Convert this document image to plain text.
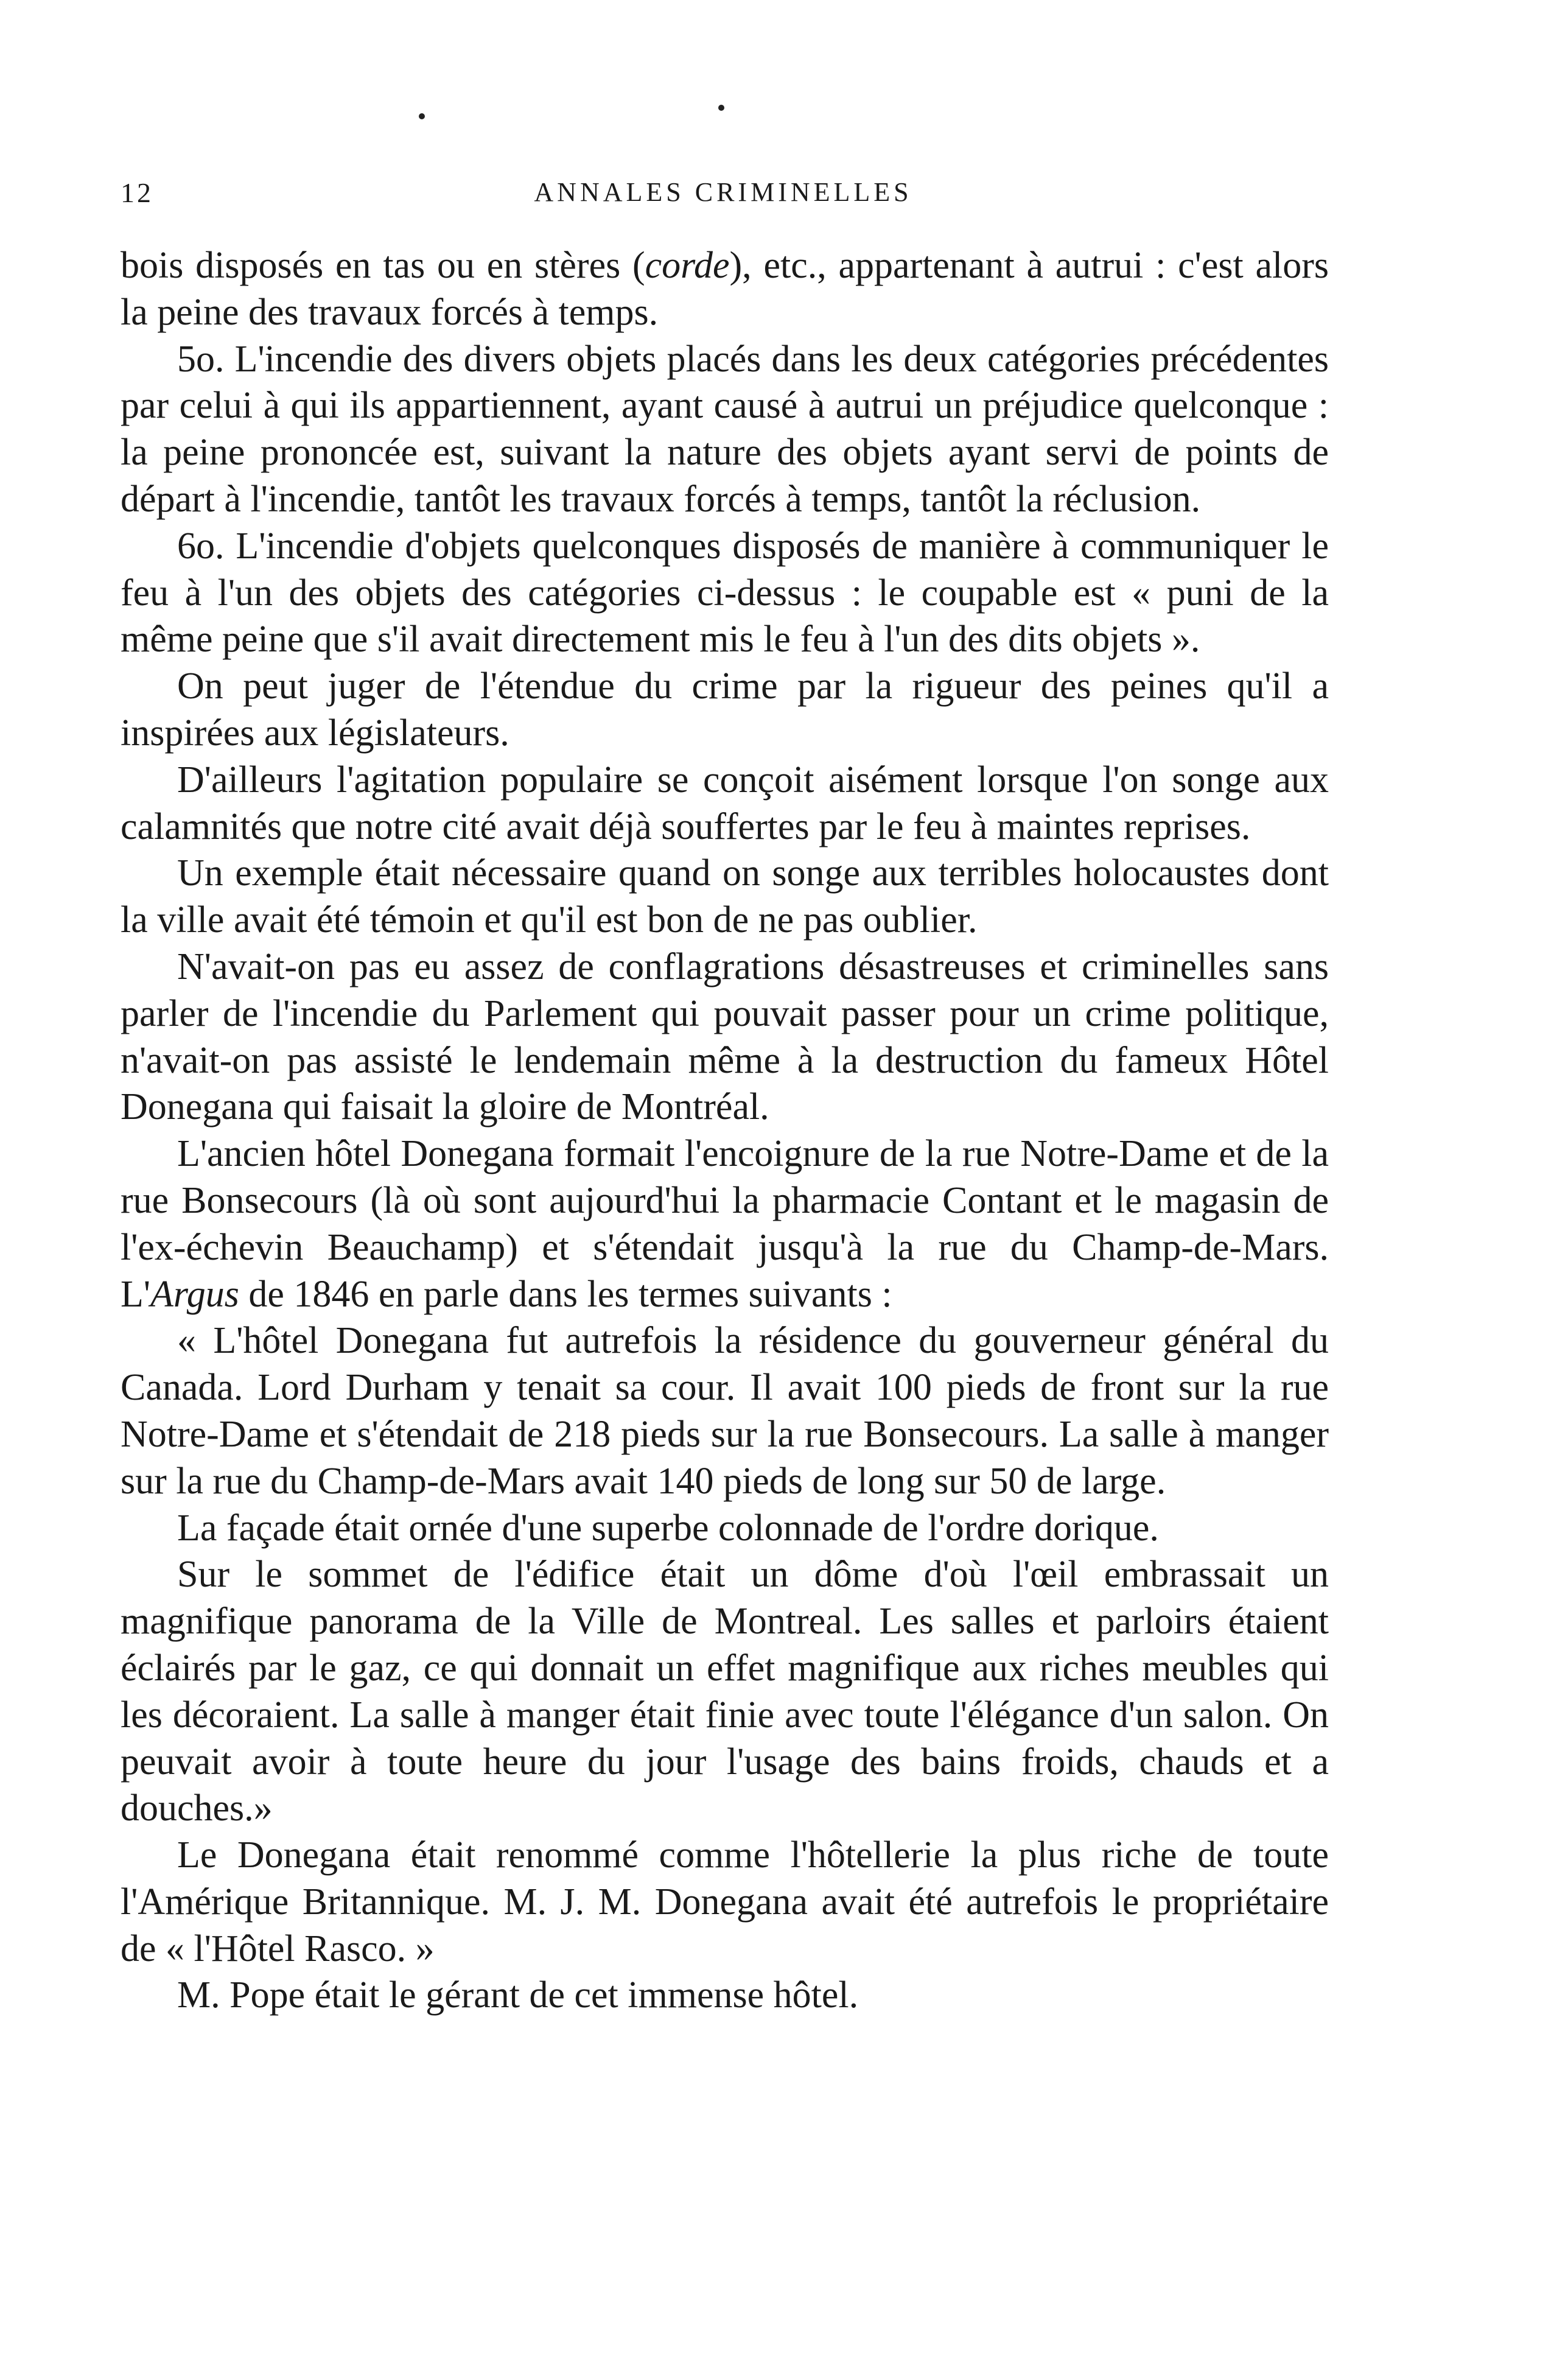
12	ANNALES CRIMINELLES

bois disposés en tas ou en stères (corde), etc., appartenant à autrui : c'est alors la peine des travaux forcés à temps.

5o. L'incendie des divers objets placés dans les deux catégories précédentes par celui à qui ils appartiennent, ayant causé à autrui un préjudice quelconque : la peine prononcée est, suivant la nature des objets ayant servi de points de départ à l'incendie, tantôt les travaux forcés à temps, tantôt la réclusion.

6o. L'incendie d'objets quelconques disposés de manière à communiquer le feu à l'un des objets des catégories ci-dessus : le coupable est « puni de la même peine que s'il avait directement mis le feu à l'un des dits objets ».

On peut juger de l'étendue du crime par la rigueur des peines qu'il a inspirées aux législateurs.

D'ailleurs l'agitation populaire se conçoit aisément lorsque l'on songe aux calamnités que notre cité avait déjà souffertes par le feu à maintes reprises.

Un exemple était nécessaire quand on songe aux terribles holocaustes dont la ville avait été témoin et qu'il est bon de ne pas oublier.

N'avait-on pas eu assez de conflagrations désastreuses et criminelles sans parler de l'incendie du Parlement qui pouvait passer pour un crime politique, n'avait-on pas assisté le lendemain même à la destruction du fameux Hôtel Donegana qui faisait la gloire de Montréal.

L'ancien hôtel Donegana formait l'encoignure de la rue Notre-Dame et de la rue Bonsecours (là où sont aujourd'hui la pharmacie Contant et le magasin de l'ex-échevin Beauchamp) et s'étendait jusqu'à la rue du Champ-de-Mars. L'Argus de 1846 en parle dans les termes suivants :

« L'hôtel Donegana fut autrefois la résidence du gouverneur général du Canada. Lord Durham y tenait sa cour. Il avait 100 pieds de front sur la rue Notre-Dame et s'étendait de 218 pieds sur la rue Bonsecours. La salle à manger sur la rue du Champ-de-Mars avait 140 pieds de long sur 50 de large.

La façade était ornée d'une superbe colonnade de l'ordre dorique.

Sur le sommet de l'édifice était un dôme d'où l'œil embrassait un magnifique panorama de la Ville de Montreal. Les salles et parloirs étaient éclairés par le gaz, ce qui donnait un effet magnifique aux riches meubles qui les décoraient. La salle à manger était finie avec toute l'élégance d'un salon. On peuvait avoir à toute heure du jour l'usage des bains froids, chauds et a douches.»

Le Donegana était renommé comme l'hôtellerie la plus riche de toute l'Amérique Britannique. M. J. M. Donegana avait été autrefois le propriétaire de « l'Hôtel Rasco. »

M. Pope était le gérant de cet immense hôtel.
